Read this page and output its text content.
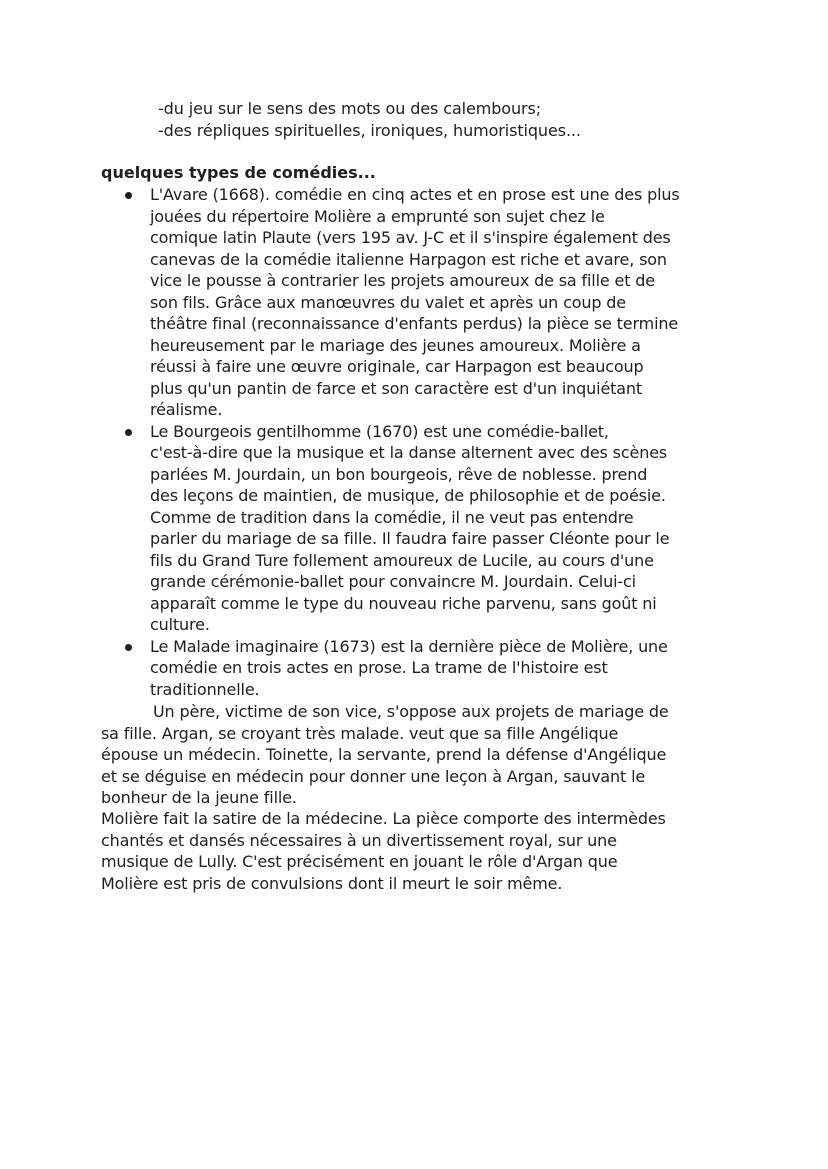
-du jeu sur le sens des mots ou des calembours;
-des répliques spirituelles, ironiques, humoristiques...
quelques types de comédies...
L'Avare (1668). comédie en cinq actes et en prose est une des plus
jouées du répertoire Molière a emprunté son sujet chez le
comique latin Plaute (vers 195 av. J-C et il s'inspire également des
canevas de la comédie italienne Harpagon est riche et avare, son
vice le pousse à contrarier les projets amoureux de sa fille et de
son fils. Grâce aux manœuvres du valet et après un coup de
théâtre final (reconnaissance d'enfants perdus) la pièce se termine
heureusement par le mariage des jeunes amoureux. Molière a
réussi à faire une œuvre originale, car Harpagon est beaucoup
plus qu'un pantin de farce et son caractère est d'un inquiétant
réalisme.
Le Bourgeois gentilhomme (1670) est une comédie-ballet,
c'est-à-dire que la musique et la danse alternent avec des scènes
parlées M. Jourdain, un bon bourgeois, rêve de noblesse. prend
des leçons de maintien, de musique, de philosophie et de poésie.
Comme de tradition dans la comédie, il ne veut pas entendre
parler du mariage de sa fille. Il faudra faire passer Cléonte pour le
fils du Grand Ture follement amoureux de Lucile, au cours d'une
grande cérémonie-ballet pour convaincre M. Jourdain. Celui-ci
apparaît comme le type du nouveau riche parvenu, sans goût ni
culture.
Le Malade imaginaire (1673) est la dernière pièce de Molière, une
comédie en trois actes en prose. La trame de l'histoire est
traditionnelle.
Un père, victime de son vice, s'oppose aux projets de mariage de
sa fille. Argan, se croyant très malade. veut que sa fille Angélique
épouse un médecin. Toinette, la servante, prend la défense d'Angélique
et se déguise en médecin pour donner une leçon à Argan, sauvant le
bonheur de la jeune fille.
Molière fait la satire de la médecine. La pièce comporte des intermèdes
chantés et dansés nécessaires à un divertissement royal, sur une
musique de Lully. C'est précisément en jouant le rôle d'Argan que
Molière est pris de convulsions dont il meurt le soir même.
